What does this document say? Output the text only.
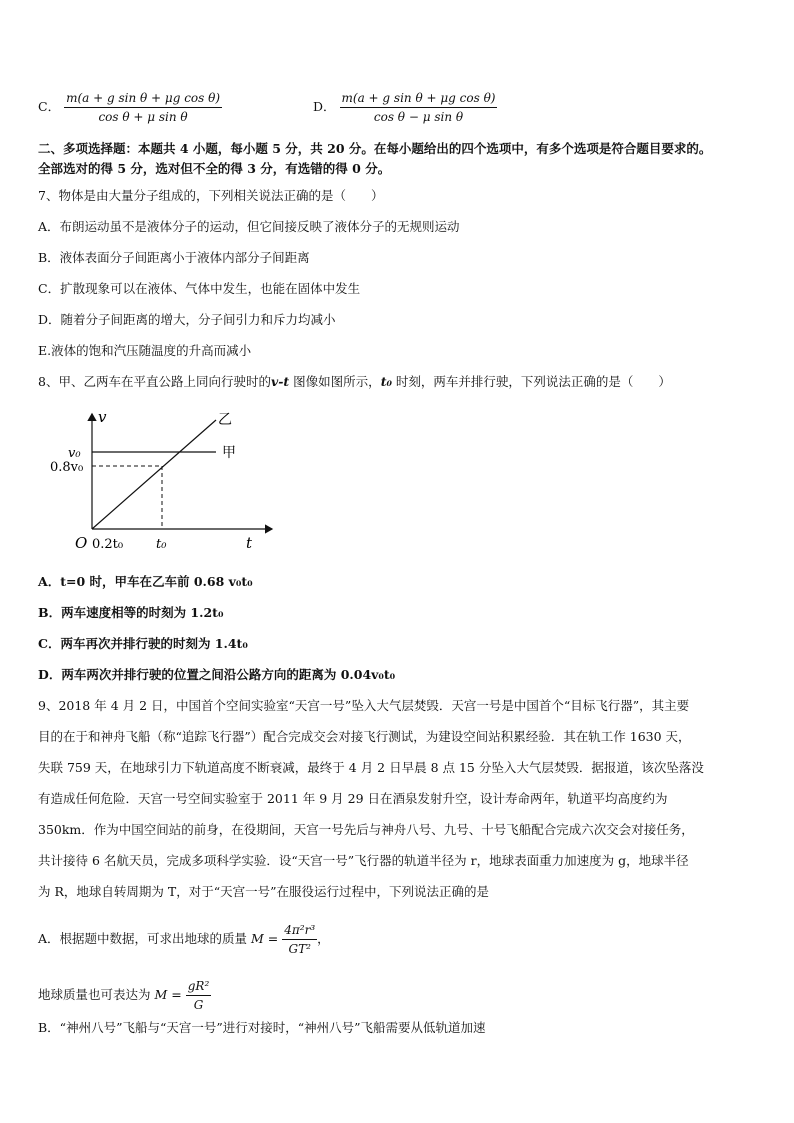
C． $\frac{\text{m(a + g sin θ + μg cos θ)}}{\text{cos θ + μ sin θ}}$	D． $\frac{\text{m(a + g sin θ + μg cos θ)}}{\text{cos θ − μ sin θ}}$
二、多项选择题：本题共 4 小题，每小题 5 分，共 20 分。在每小题给出的四个选项中，有多个选项是符合题目要求的。
全部选对的得 5 分，选对但不全的得 3 分，有选错的得 0 分。
7、物体是由大量分子组成的，下列相关说法正确的是（　　）
A．布朗运动虽不是液体分子的运动，但它间接反映了液体分子的无规则运动
B．液体表面分子间距离小于液体内部分子间距离
C．扩散现象可以在液体、气体中发生，也能在固体中发生
D．随着分子间距离的增大，分子间引力和斥力均减小
E.液体的饱和汽压随温度的升高而减小
8、甲、乙两车在平直公路上同向行驶时的v-t 图像如图所示，t₀ 时刻，两车并排行驶，下列说法正确的是（　　）
v
t
O
v₀
0.8v₀
0.2t₀	t₀
乙
甲
A．t=0 时，甲车在乙车前 0.68 v₀t₀
B．两车速度相等的时刻为 1.2t₀
C．两车再次并排行驶的时刻为 1.4t₀
D．两车两次并排行驶的位置之间沿公路方向的距离为 0.04v₀t₀
9、2018 年 4 月 2 日，中国首个空间实验室“天宫一号”坠入大气层焚毁．天宫一号是中国首个“目标飞行器”，其主要
目的在于和神舟飞船（称“追踪飞行器”）配合完成交会对接飞行测试，为建设空间站积累经验．其在轨工作 1630 天，
失联 759 天，在地球引力下轨道高度不断衰减，最终于 4 月 2 日早晨 8 点 15 分坠入大气层焚毁．据报道，该次坠落没
有造成任何危险．天宫一号空间实验室于 2011 年 9 月 29 日在酒泉发射升空，设计寿命两年，轨道平均高度约为
350km．作为中国空间站的前身，在役期间，天宫一号先后与神舟八号、九号、十号飞船配合完成六次交会对接任务，
共计接待 6 名航天员，完成多项科学实验．设“天宫一号”飞行器的轨道半径为 r，地球表面重力加速度为 g，地球半径
为 R，地球自转周期为 T，对于“天宫一号”在服役运行过程中，下列说法正确的是
A．根据题中数据，可求出地球的质量 $M = \frac{\text{4π²r³}}{\text{GT²}}$ ，
地球质量也可表达为 $M = \frac{\text{gR²}}{G}$
B．“神州八号”飞船与“天宫一号”进行对接时，“神州八号”飞船需要从低轨道加速
